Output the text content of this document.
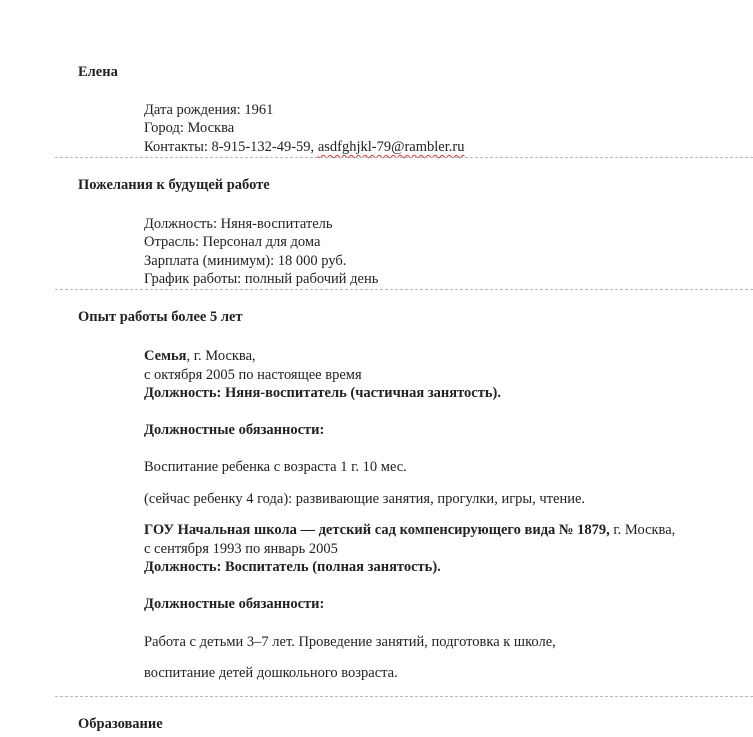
Елена
Дата рождения: 1961
Город: Москва
Контакты: 8-915-132-49-59, asdfghjkl-79@rambler.ru
Пожелания к будущей работе
Должность: Няня-воспитатель
Отрасль: Персонал для дома
Зарплата (минимум): 18 000 руб.
График работы: полный рабочий день
Опыт работы более 5 лет
Семья, г. Москва,
с октября 2005 по настоящее время
Должность: Няня-воспитатель (частичная занятость).
Должностные обязанности:
Воспитание ребенка с возраста 1 г. 10 мес.
(сейчас ребенку 4 года): развивающие занятия, прогулки, игры, чтение.
ГОУ Начальная школа — детский сад компенсирующего вида № 1879, г. Москва,
с сентября 1993 по январь 2005
Должность: Воспитатель (полная занятость).
Должностные обязанности:
Работа с детьми 3–7 лет. Проведение занятий, подготовка к школе,
воспитание детей дошкольного возраста.
Образование
